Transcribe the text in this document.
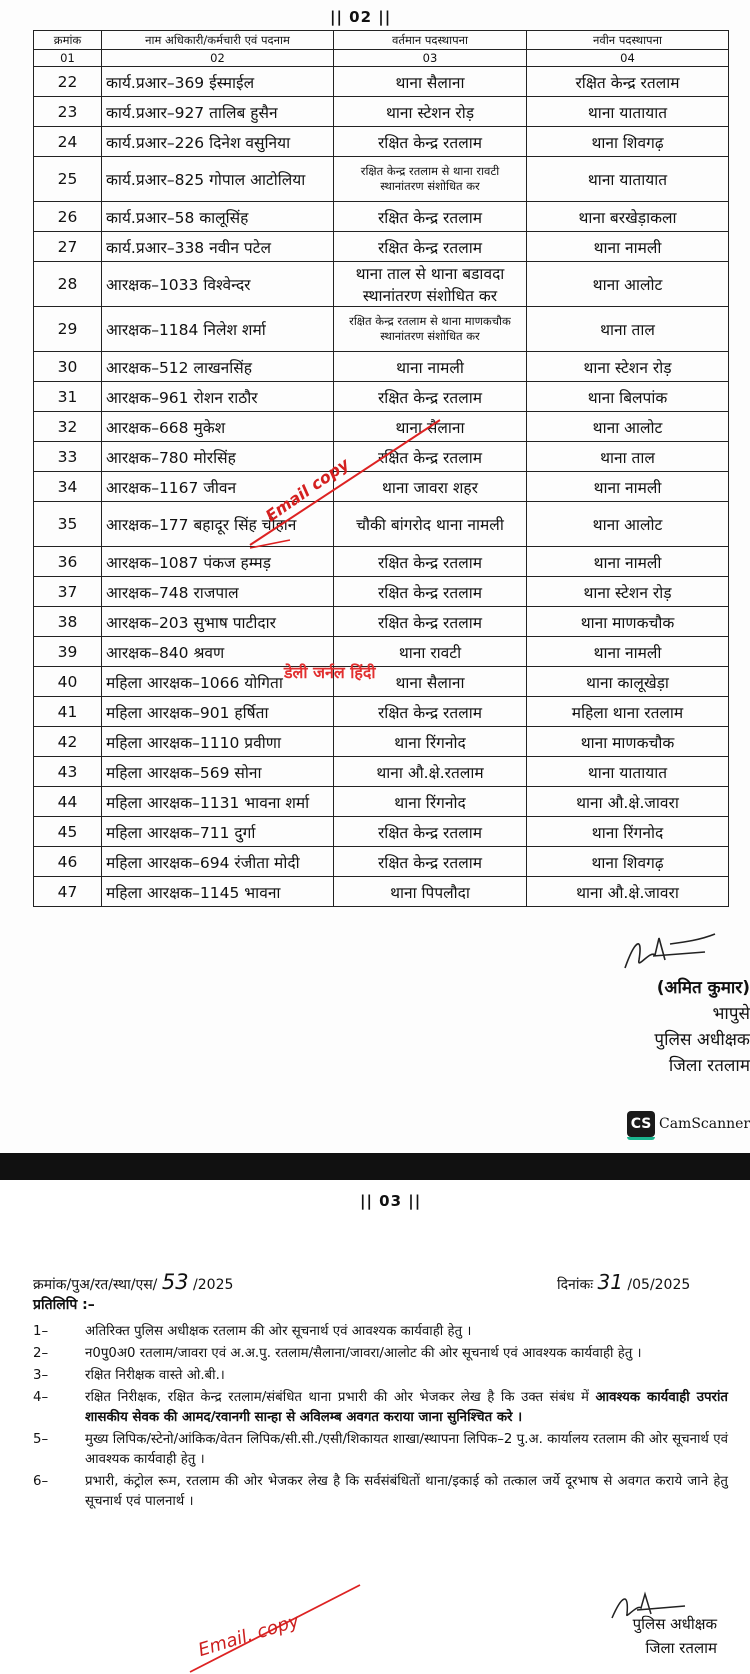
|| 02 ||
क्रमांक	नाम अधिकारी/कर्मचारी एवं पदनाम	वर्तमान पदस्थापना	नवीन पदस्थापना
01	02	03	04
22	कार्य.प्रआर–369 ईस्माईल	थाना सैलाना	रक्षित केन्द्र रतलाम
23	कार्य.प्रआर–927 तालिब हुसैन	थाना स्टेशन रोड़	थाना यातायात
24	कार्य.प्रआर–226 दिनेश वसुनिया	रक्षित केन्द्र रतलाम	थाना शिवगढ़
25	कार्य.प्रआर–825 गोपाल आटोलिया	रक्षित केन्द्र रतलाम से थाना रावटी स्थानांतरण संशोधित कर	थाना यातायात
26	कार्य.प्रआर–58 कालूसिंह	रक्षित केन्द्र रतलाम	थाना बरखेड़ाकला
27	कार्य.प्रआर–338 नवीन पटेल	रक्षित केन्द्र रतलाम	थाना नामली
28	आरक्षक–1033 विश्वेन्दर	थाना ताल से थाना बडावदा स्थानांतरण संशोधित कर	थाना आलोट
29	आरक्षक–1184 निलेश शर्मा	रक्षित केन्द्र रतलाम से थाना माणकचौक स्थानांतरण संशोधित कर	थाना ताल
30	आरक्षक–512 लाखनसिंह	थाना नामली	थाना स्टेशन रोड़
31	आरक्षक–961 रोशन राठौर	रक्षित केन्द्र रतलाम	थाना बिलपांक
32	आरक्षक–668 मुकेश	थाना सैलाना	थाना आलोट
33	आरक्षक–780 मोरसिंह	रक्षित केन्द्र रतलाम	थाना ताल
34	आरक्षक–1167 जीवन	थाना जावरा शहर	थाना नामली
35	आरक्षक–177 बहादूर सिंह चौहान	चौकी बांगरोद थाना नामली	थाना आलोट
36	आरक्षक–1087 पंकज हम्मड़	रक्षित केन्द्र रतलाम	थाना नामली
37	आरक्षक–748 राजपाल	रक्षित केन्द्र रतलाम	थाना स्टेशन रोड़
38	आरक्षक–203 सुभाष पाटीदार	रक्षित केन्द्र रतलाम	थाना माणकचौक
39	आरक्षक–840 श्रवण	थाना रावटी	थाना नामली
40	महिला आरक्षक–1066 योगिता	थाना सैलाना	थाना कालूखेड़ा
41	महिला आरक्षक–901 हर्षिता	रक्षित केन्द्र रतलाम	महिला थाना रतलाम
42	महिला आरक्षक–1110 प्रवीणा	थाना रिंगनोद	थाना माणकचौक
43	महिला आरक्षक–569 सोना	थाना औ.क्षे.रतलाम	थाना यातायात
44	महिला आरक्षक–1131 भावना शर्मा	थाना रिंगनोद	थाना औ.क्षे.जावरा
45	महिला आरक्षक–711 दुर्गा	रक्षित केन्द्र रतलाम	थाना रिंगनोद
46	महिला आरक्षक–694 रंजीता मोदी	रक्षित केन्द्र रतलाम	थाना शिवगढ़
47	महिला आरक्षक–1145 भावना	थाना पिपलौदा	थाना औ.क्षे.जावरा
(अमित कुमार)
भापुसे
पुलिस अधीक्षक
जिला रतलाम
CS CamScanner
Email copy
डेली जर्नल हिंदी
|| 03 ||
क्रमांक/पुअ/रत/स्था/एस/ 53 /2025	दिनांकः 31 /05/2025
प्रतिलिपि :–
1–	अतिरिक्त पुलिस अधीक्षक रतलाम की ओर सूचनार्थ एवं आवश्यक कार्यवाही हेतु ।
2–	न0पु0अ0 रतलाम/जावरा एवं अ.अ.पु. रतलाम/सैलाना/जावरा/आलोट की ओर सूचनार्थ एवं आवश्यक कार्यवाही हेतु ।
3–	रक्षित निरीक्षक वास्ते ओ.बी.।
4–	रक्षित निरीक्षक, रक्षित केन्द्र रतलाम/संबंधित थाना प्रभारी की ओर भेजकर लेख है कि उक्त संबंध में आवश्यक कार्यवाही उपरांत शासकीय सेवक की आमद/रवानगी सान्हा से अविलम्ब अवगत कराया जाना सुनिश्चित करे ।
5–	मुख्य लिपिक/स्टेनो/आंकिक/वेतन लिपिक/सी.सी./एसी/शिकायत शाखा/स्थापना लिपिक–2 पु.अ. कार्यालय रतलाम की ओर सूचनार्थ एवं आवश्यक कार्यवाही हेतु ।
6–	प्रभारी, कंट्रोल रूम, रतलाम की ओर भेजकर लेख है कि सर्वसंबंधितों थाना/इकाई को तत्काल जर्ये दूरभाष से अवगत कराये जाने हेतु सूचनार्थ एवं पालनार्थ ।
पुलिस अधीक्षक
जिला रतलाम
Email. copy
